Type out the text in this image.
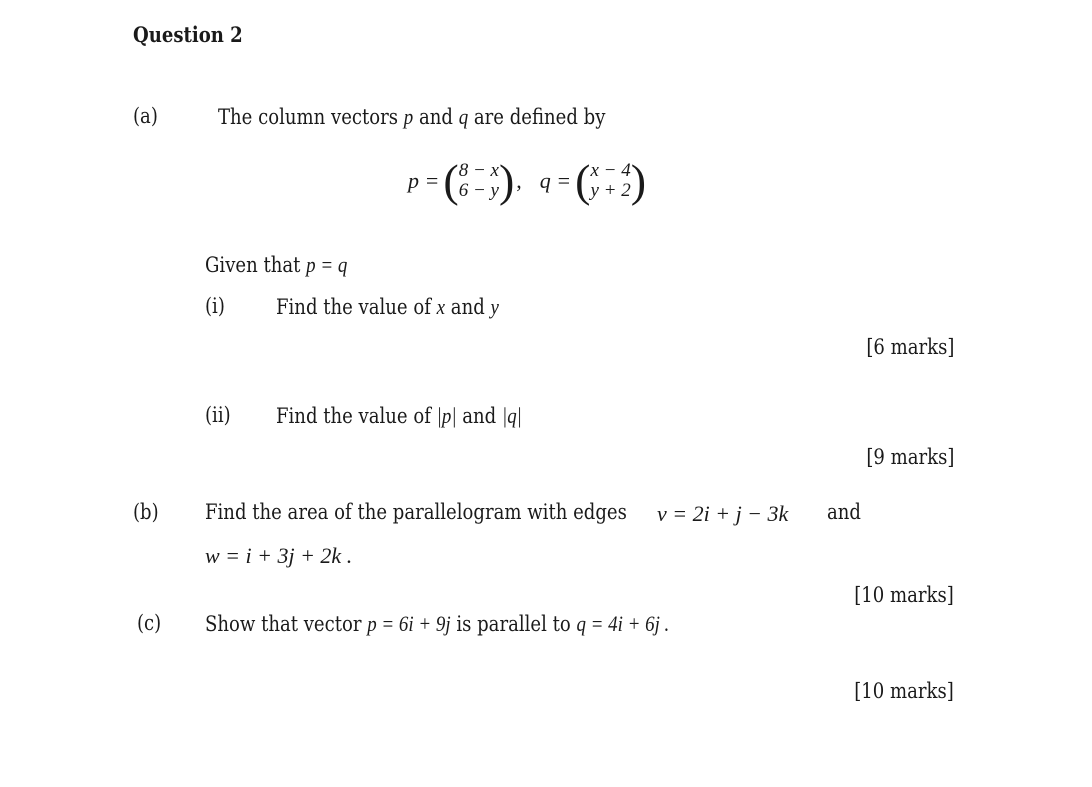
Question 2
(a)	The column vectors p and q are defined by
p = ( 8 − x
6 − y ) , q = ( x − 4
y + 2 )
Given that p = q
(i) Find the value of x and y
[6 marks]
(ii) Find the value of |p| and |q|
[9 marks]
(b) Find the area of the parallelogram with edges v = 2i + j − 3k and
w = i + 3j + 2k .
[10 marks]
(c) Show that vector p = 6i + 9j is parallel to q = 4i + 6j .
[10 marks]
